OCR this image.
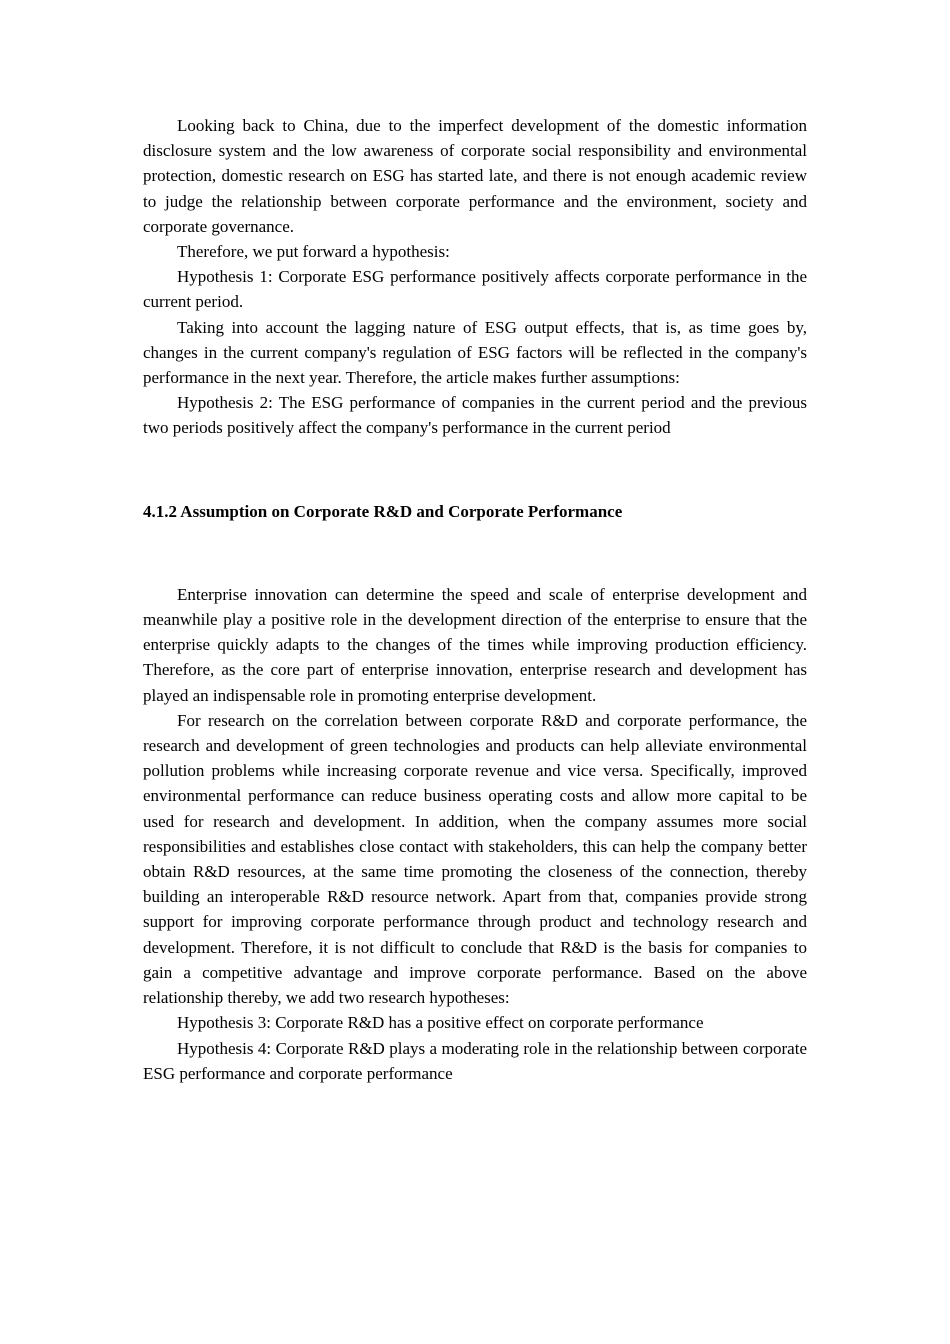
Looking back to China, due to the imperfect development of the domestic information disclosure system and the low awareness of corporate social responsibility and environmental protection, domestic research on ESG has started late, and there is not enough academic review to judge the relationship between corporate performance and the environment, society and corporate governance.

Therefore, we put forward a hypothesis:

Hypothesis 1: Corporate ESG performance positively affects corporate performance in the current period.

Taking into account the lagging nature of ESG output effects, that is, as time goes by, changes in the current company's regulation of ESG factors will be reflected in the company's performance in the next year. Therefore, the article makes further assumptions:

Hypothesis 2: The ESG performance of companies in the current period and the previous two periods positively affect the company's performance in the current period

4.1.2 Assumption on Corporate R&D and Corporate Performance

Enterprise innovation can determine the speed and scale of enterprise development and meanwhile play a positive role in the development direction of the enterprise to ensure that the enterprise quickly adapts to the changes of the times while improving production efficiency. Therefore, as the core part of enterprise innovation, enterprise research and development has played an indispensable role in promoting enterprise development.

For research on the correlation between corporate R&D and corporate performance, the research and development of green technologies and products can help alleviate environmental pollution problems while increasing corporate revenue and vice versa. Specifically, improved environmental performance can reduce business operating costs and allow more capital to be used for research and development. In addition, when the company assumes more social responsibilities and establishes close contact with stakeholders, this can help the company better obtain R&D resources, at the same time promoting the closeness of the connection, thereby building an interoperable R&D resource network. Apart from that, companies provide strong support for improving corporate performance through product and technology research and development. Therefore, it is not difficult to conclude that R&D is the basis for companies to gain a competitive advantage and improve corporate performance. Based on the above relationship thereby, we add two research hypotheses:

Hypothesis 3: Corporate R&D has a positive effect on corporate performance

Hypothesis 4: Corporate R&D plays a moderating role in the relationship between corporate ESG performance and corporate performance
